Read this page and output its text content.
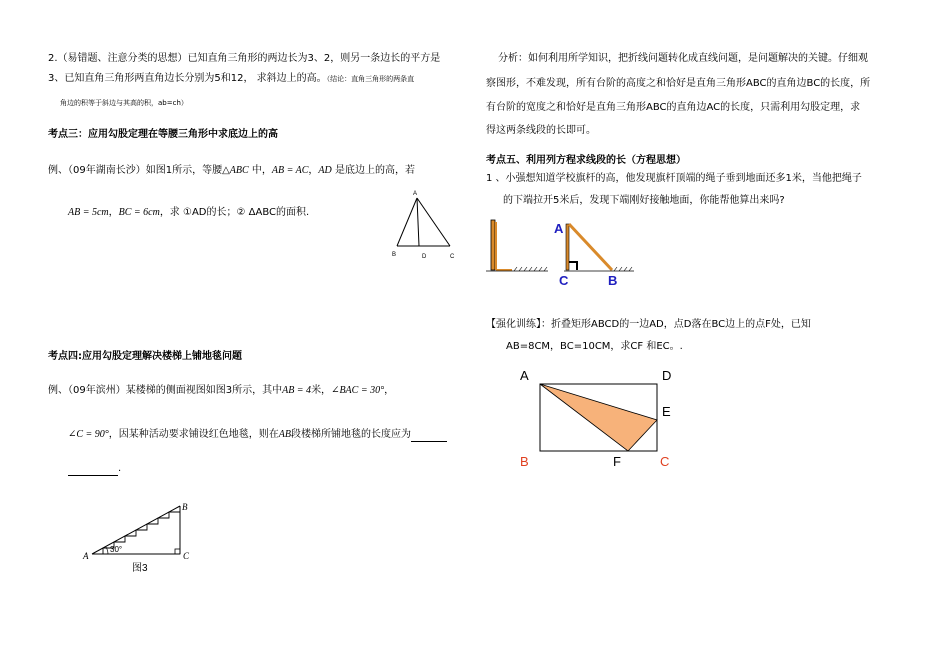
2.（易错题、注意分类的思想）已知直角三角形的两边长为3、2，则另一条边长的平方是
3、已知直角三角形两直角边长分别为5和12， 求斜边上的高。（结论：直角三角形的两条直
角边的积等于斜边与其高的积，ab=ch）
考点三：应用勾股定理在等腰三角形中求底边上的高
例、（09年湖南长沙）如图1所示，等腰△ABC 中，AB = AC，AD 是底边上的高，若
AB = 5cm，BC = 6cm，求 ①AD的长；② ΔABC的面积.
A
B	D	C
考点四:应用勾股定理解决楼梯上铺地毯问题
例、（09年滨州）某楼梯的侧面视图如图3所示，其中AB = 4米，∠BAC = 30°，
∠C = 90°，因某种活动要求铺设红色地毯，则在AB段楼梯所铺地毯的长度应为
.
A
B
C
30°
图3
分析：如何利用所学知识，把折线问题转化成直线问题，是问题解决的关键。仔细观
察图形，不难发现，所有台阶的高度之和恰好是直角三角形ABC的直角边BC的长度，所
有台阶的宽度之和恰好是直角三角形ABC的直角边AC的长度，只需利用勾股定理，求
得这两条线段的长即可。
考点五、利用列方程求线段的长（方程思想）
1 、小强想知道学校旗杆的高，他发现旗杆顶端的绳子垂到地面还多1米，当他把绳子
的下端拉开5米后，发现下端刚好接触地面，你能帮他算出来吗?
A
C	B
【强化训练】：折叠矩形ABCD的一边AD，点D落在BC边上的点F处，已知
AB=8CM，BC=10CM，求CF 和EC。.
A	D
E
B	F	C
